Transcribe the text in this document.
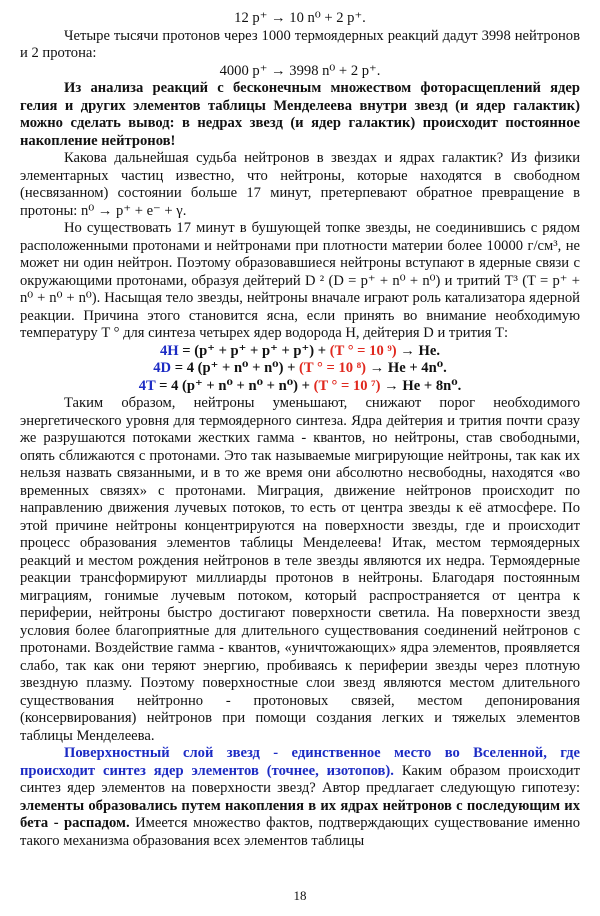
12 p⁺ → 10 n⁰ + 2 p⁺.

Четыре тысячи протонов через 1000 термоядерных реакций дадут 3998 нейтронов и 2 протона:

4000 p⁺ → 3998 n⁰ + 2 p⁺.

Из анализа реакций с бесконечным множеством фоторасщеплений ядер гелия и других элементов таблицы Менделеева внутри звезд (и ядер галактик) можно сделать вывод: в недрах звезд (и ядер галактик) происходит постоянное накопление нейтронов!

Какова дальнейшая судьба нейтронов в звездах и ядрах галактик? Из физики элементарных частиц известно, что нейтроны, которые находятся в свободном (несвязанном) состоянии больше 17 минут, претерпевают обратное превращение в протоны: n⁰ → p⁺ + e⁻ + γ.

Но существовать 17 минут в бушующей топке звезды, не соединившись с рядом расположенными протонами и нейтронами при плотности материи более 10000 г/см³, не может ни один нейтрон. Поэтому образовавшиеся нейтроны вступают в ядерные связи с окружающими протонами, образуя дейтерий D ² (D = p⁺ + n⁰ + n⁰) и тритий Т³ (T = p⁺ + n⁰ + n⁰ + n⁰). Насыщая тело звезды, нейтроны вначале играют роль катализатора ядерной реакции. Причина этого становится ясна, если принять во внимание необходимую температуру T ° для синтеза четырех ядер водорода Н, дейтерия D и трития Т:

4H = (p⁺ + p⁺ + p⁺ + p⁺) + (T ° = 10 ⁹) → He.

4D = 4 (p⁺ + n⁰ + n⁰) + (T ° = 10 ⁸) → He + 4n⁰.

4T = 4 (p⁺ + n⁰ + n⁰ + n⁰) + (T ° = 10 ⁷) → He + 8n⁰.

Таким образом, нейтроны уменьшают, снижают порог необходимого энергетического уровня для термоядерного синтеза. Ядра дейтерия и трития почти сразу же разрушаются потоками жестких гамма - квантов, но нейтроны, став свободными, опять сближаются с протонами. Это так называемые мигрирующие нейтроны, так как их нельзя назвать связанными, и в то же время они абсолютно несвободны, находятся «во временных связях» с протонами. Миграция, движение нейтронов происходит по направлению движения лучевых потоков, то есть от центра звезды к её атмосфере. По этой причине нейтроны концентрируются на поверхности звезды, где и происходит процесс образования элементов таблицы Менделеева! Итак, местом термоядерных реакций и местом рождения нейтронов в теле звезды являются их недра. Термоядерные реакции трансформируют миллиарды протонов в нейтроны. Благодаря постоянным миграциям, гонимые лучевым потоком, который распространяется от центра к периферии, нейтроны быстро достигают поверхности светила. На поверхности звезд условия более благоприятные для длительного существования соединений нейтронов с протонами. Воздействие гамма - квантов, «уничтожающих» ядра элементов, проявляется слабо, так как они теряют энергию, пробиваясь к периферии звезды через плотную звездную плазму. Поэтому поверхностные слои звезд являются местом длительного существования нейтронно - протоновых связей, местом депонирования (консервирования) нейтронов при помощи создания легких и тяжелых элементов таблицы Менделеева.

Поверхностный слой звезд - единственное место во Вселенной, где происходит синтез ядер элементов (точнее, изотопов). Каким образом происходит синтез ядер элементов на поверхности звезд? Автор предлагает следующую гипотезу: элементы образовались путем накопления в их ядрах нейтронов с последующим их бета - распадом. Имеется множество фактов, подтверждающих существование именно такого механизма образования всех элементов таблицы

18
